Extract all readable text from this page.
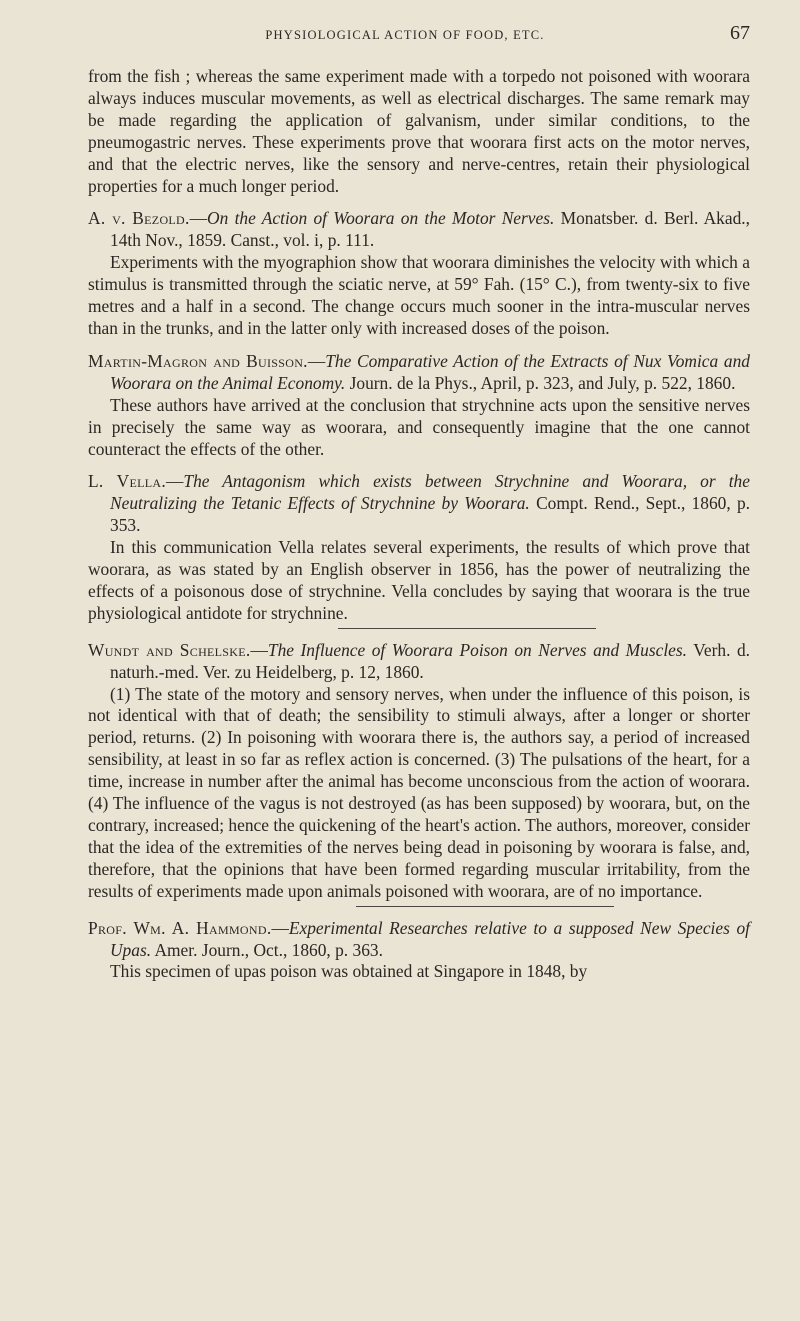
PHYSIOLOGICAL ACTION OF FOOD, ETC.	67

from the fish ; whereas the same experiment made with a torpedo not poisoned with woorara always induces muscular movements, as well as electrical discharges. The same remark may be made regarding the application of galvanism, under similar conditions, to the pneumogastric nerves. These experiments prove that woorara first acts on the motor nerves, and that the electric nerves, like the sensory and nerve-centres, retain their physiological properties for a much longer period.

A. v. Bezold.—On the Action of Woorara on the Motor Nerves. Monatsber. d. Berl. Akad., 14th Nov., 1859. Canst., vol. i, p. 111.

Experiments with the myographion show that woorara diminishes the velocity with which a stimulus is transmitted through the sciatic nerve, at 59° Fah. (15° C.), from twenty-six to five metres and a half in a second. The change occurs much sooner in the intra-muscular nerves than in the trunks, and in the latter only with increased doses of the poison.

Martin-Magron and Buisson.—The Comparative Action of the Extracts of Nux Vomica and Woorara on the Animal Economy. Journ. de la Phys., April, p. 323, and July, p. 522, 1860.

These authors have arrived at the conclusion that strychnine acts upon the sensitive nerves in precisely the same way as woorara, and consequently imagine that the one cannot counteract the effects of the other.

L. Vella.—The Antagonism which exists between Strychnine and Woorara, or the Neutralizing the Tetanic Effects of Strychnine by Woorara. Compt. Rend., Sept., 1860, p. 353.

In this communication Vella relates several experiments, the results of which prove that woorara, as was stated by an English observer in 1856, has the power of neutralizing the effects of a poisonous dose of strychnine. Vella concludes by saying that woorara is the true physiological antidote for strychnine.

Wundt and Schelske.—The Influence of Woorara Poison on Nerves and Muscles. Verh. d. naturh.-med. Ver. zu Heidelberg, p. 12, 1860.

(1) The state of the motory and sensory nerves, when under the influence of this poison, is not identical with that of death; the sensibility to stimuli always, after a longer or shorter period, returns. (2) In poisoning with woorara there is, the authors say, a period of increased sensibility, at least in so far as reflex action is concerned. (3) The pulsations of the heart, for a time, increase in number after the animal has become unconscious from the action of woorara. (4) The influence of the vagus is not destroyed (as has been supposed) by woorara, but, on the contrary, increased; hence the quickening of the heart's action. The authors, moreover, consider that the idea of the extremities of the nerves being dead in poisoning by woorara is false, and, therefore, that the opinions that have been formed regarding muscular irritability, from the results of experiments made upon animals poisoned with woorara, are of no importance.

Prof. Wm. A. Hammond.—Experimental Researches relative to a supposed New Species of Upas. Amer. Journ., Oct., 1860, p. 363.

This specimen of upas poison was obtained at Singapore in 1848, by
